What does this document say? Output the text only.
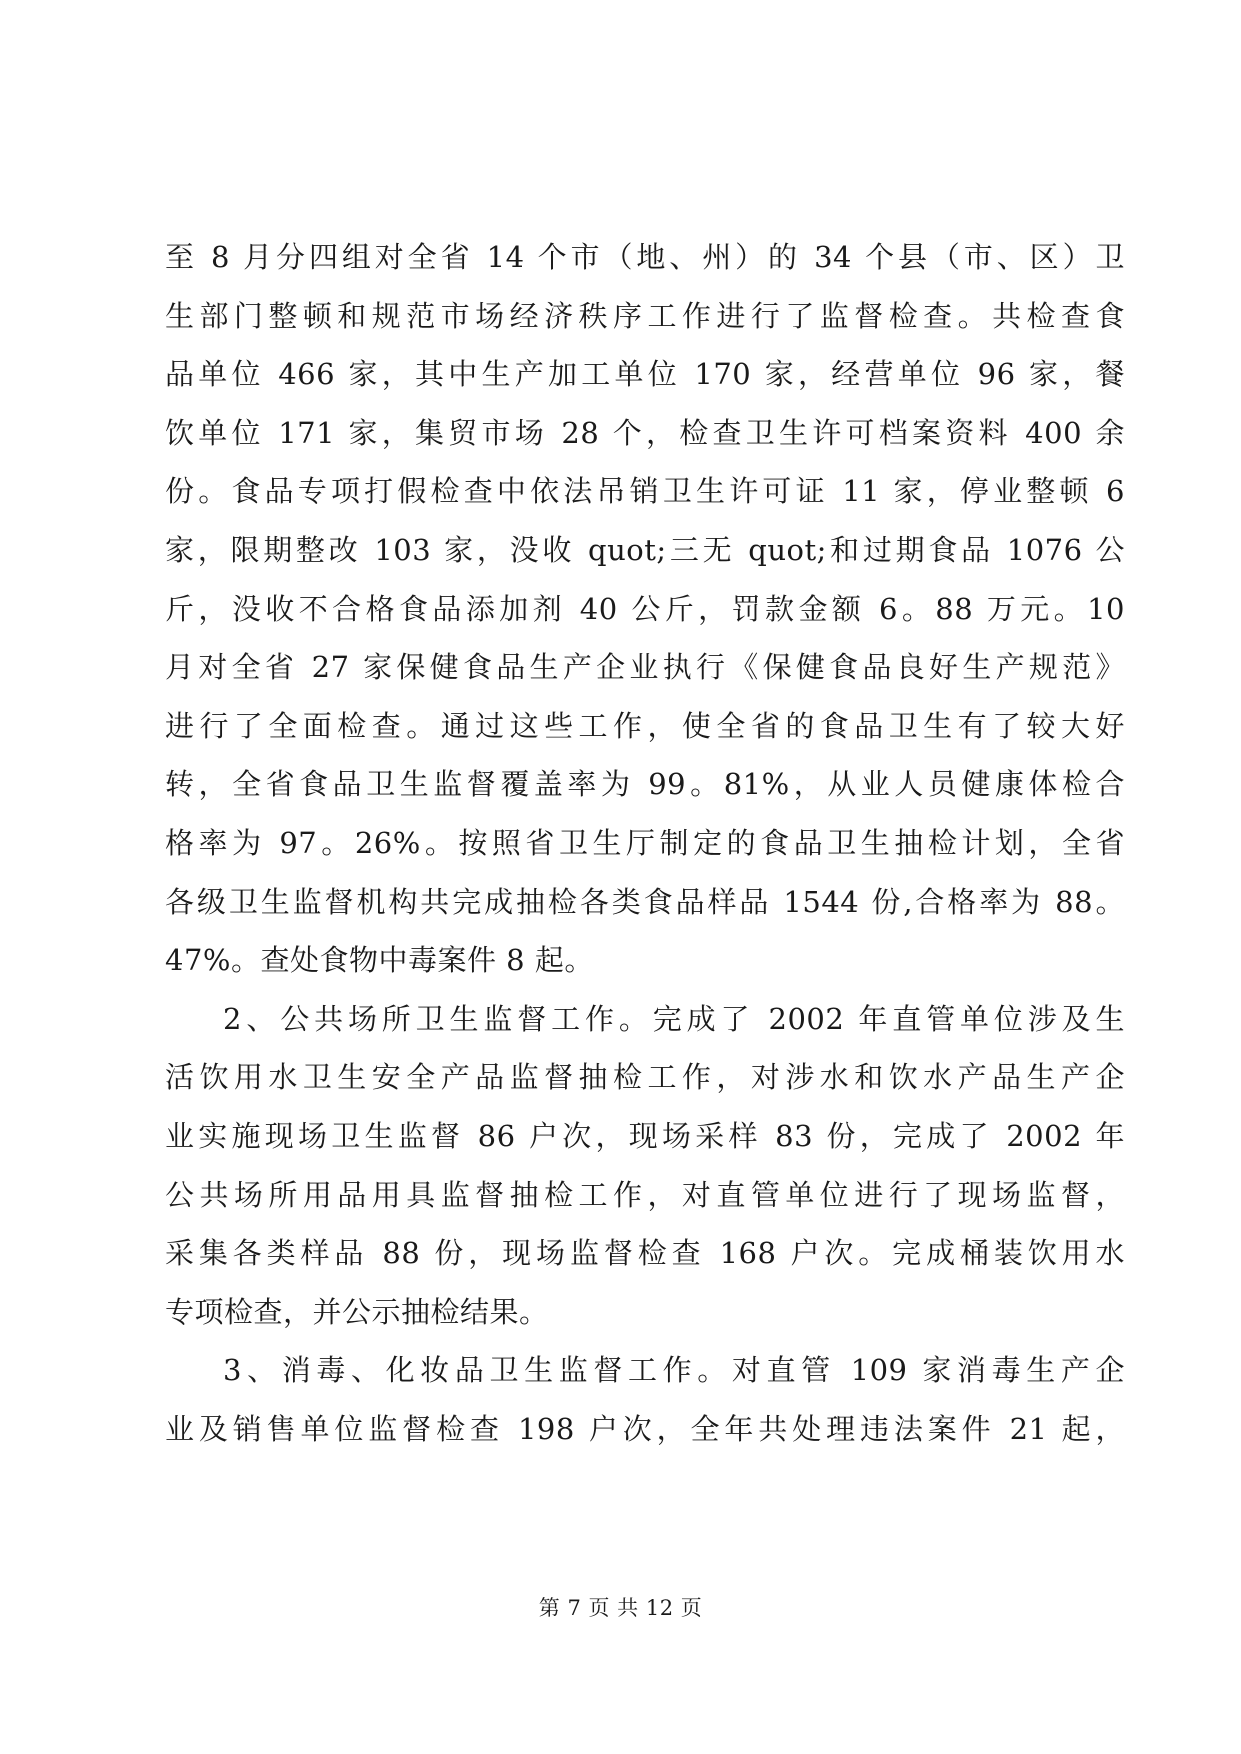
至 8 月分四组对全省 14 个市（地、州）的 34 个县（市、区）卫
生部门整顿和规范市场经济秩序工作进行了监督检查。共检查食
品单位 466 家，其中生产加工单位 170 家，经营单位 96 家，餐
饮单位 171 家，集贸市场 28 个，检查卫生许可档案资料 400 余
份。食品专项打假检查中依法吊销卫生许可证 11 家，停业整顿 6
家，限期整改 103 家，没收 quot;三无 quot;和过期食品 1076 公
斤，没收不合格食品添加剂 40 公斤，罚款金额 6。88 万元。10
月对全省 27 家保健食品生产企业执行《保健食品良好生产规范》
进行了全面检查。通过这些工作，使全省的食品卫生有了较大好
转，全省食品卫生监督覆盖率为 99。81%，从业人员健康体检合
格率为 97。26%。按照省卫生厅制定的食品卫生抽检计划，全省
各级卫生监督机构共完成抽检各类食品样品 1544 份,合格率为 88。
47%。查处食物中毒案件 8 起。
2、公共场所卫生监督工作。完成了 2002 年直管单位涉及生
活饮用水卫生安全产品监督抽检工作，对涉水和饮水产品生产企
业实施现场卫生监督 86 户次，现场采样 83 份，完成了 2002 年
公共场所用品用具监督抽检工作，对直管单位进行了现场监督，
采集各类样品 88 份，现场监督检查 168 户次。完成桶装饮用水
专项检查，并公示抽检结果。
3、消毒、化妆品卫生监督工作。对直管 109 家消毒生产企
业及销售单位监督检查 198 户次，全年共处理违法案件 21 起，
第 7 页 共 12 页
